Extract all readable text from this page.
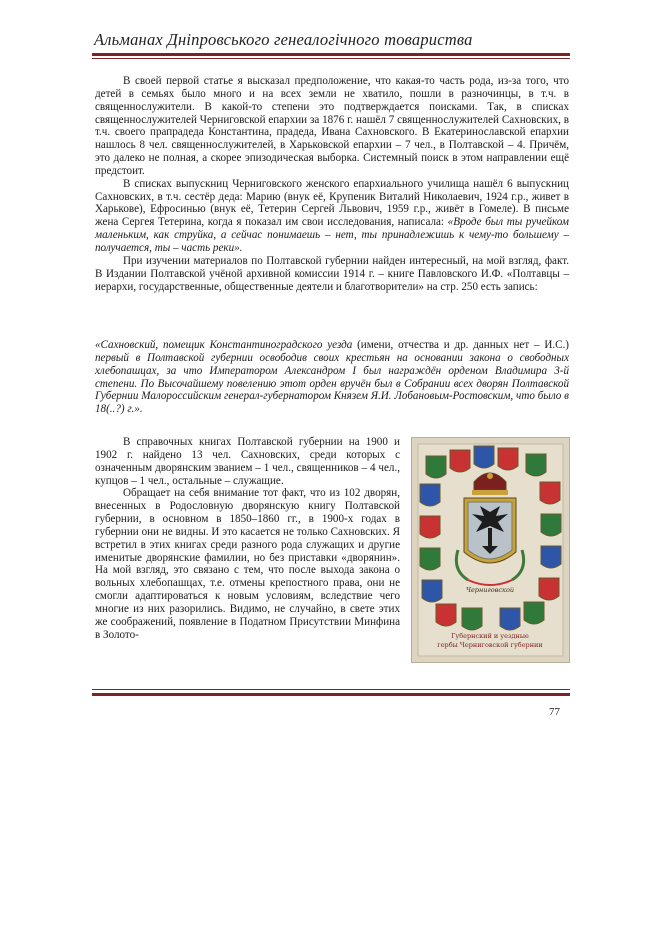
Альманах Дніпровського генеалогічного товариства

В своей первой статье я высказал предположение, что какая-то часть рода, из-за того, что детей в семьях было много и на всех земли не хватило, пошли в разночинцы, в т.ч. в священнослужители. В какой-то степени это подтверждается поисками. Так, в списках священнослужителей Черниговской епархии за 1876 г. нашёл 7 священнослужителей Сахновских, в т.ч. своего прапрадеда Константина, прадеда, Ивана Сахновского. В Екатеринославской епархии нашлось 8 чел. священнослужителей, в Харьковской епархии – 7 чел., в Полтавской – 4. Причём, это далеко не полная, а скорее эпизодическая выборка. Системный поиск в этом направлении ещё предстоит.

В списках выпускниц Черниговского женского епархиального училища нашёл 6 выпускниц Сахновских, в т.ч. сестёр деда: Марию (внук её, Крупеник Виталий Николаевич, 1924 г.р., живет в Харькове), Ефросинью (внук её, Тетерин Сергей Львович, 1959 г.р., живёт в Гомеле). В письме жена Сергея Тетерина, когда я показал им свои исследования, написала: «Вроде был ты ручейком маленьким, как струйка, а сейчас понимаешь – нет, ты принадлежишь к чему-то большему – получается, ты – часть реки».

При изучении материалов по Полтавской губернии найден интересный, на мой взгляд, факт. В Издании Полтавской учёной архивной комиссии 1914 г. – книге Павловского И.Ф. «Полтавцы – иерархи, государственные, общественные деятели и благотворители» на стр. 250 есть запись:

«Сахновский, помещик Константиноградского уезда (имени, отчества и др. данных нет – И.С.) первый в Полтавской губернии освободив своих крестьян на основании закона о свободных хлебопашцах, за что Императором Александром I был награждён орденом Владимира 3-й степени. По Высочайшему повелению этот орден вручён был в Собрании всех дворян Полтавской Губернии Малороссийским генерал-губернатором Князем Я.И. Лобановым-Ростовским, что было в 18(..?) г.».

В справочных книгах Полтавской губернии на 1900 и 1902 г. найдено 13 чел. Сахновских, среди которых с означенным дворянским званием – 1 чел., священников – 4 чел., купцов – 1 чел., остальные – служащие.

Обращает на себя внимание тот факт, что из 102 дворян, внесенных в Родословную дворянскую книгу Полтавской губернии, в основном в 1850–1860 гг., в 1900-х годах в губернии они не видны. И это касается не только Сахновских. Я встретил в этих книгах среди разного рода служащих и другие именитые дворянские фамилии, но без приставки «дворянин». На мой взгляд, это связано с тем, что после выхода закона о вольных хлебопашцах, т.е. отмены крепостного права, они не смогли адаптироваться к новым условиям, вследствие чего многие из них разорились. Видимо, не случайно, в свете этих же соображений, появление в Податном Присутствии Минфина в Золото-

Черниговской
Губернский и уездные
гербы Черниговской губернии
77
